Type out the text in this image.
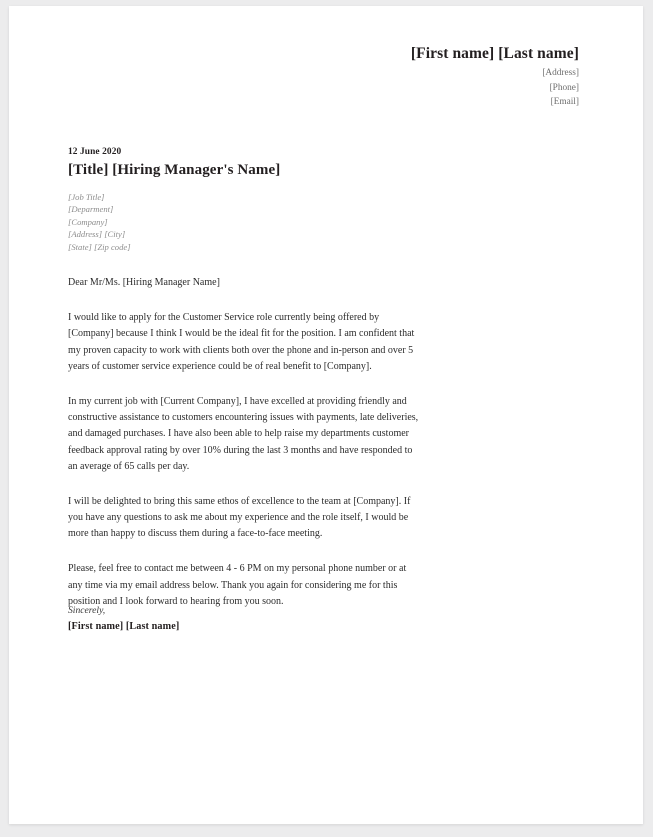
[First name] [Last name]
[Address]
[Phone]
[Email]
12 June 2020
[Title] [Hiring Manager's Name]
[Job Title]
[Deparment]
[Company]
[Address] [City]
[State] [Zip code]

Dear Mr/Ms. [Hiring Manager Name]

I would like to apply for the Customer Service role currently being offered by [Company] because I think I would be the ideal fit for the position. I am confident that my proven capacity to work with clients both over the phone and in-person and over 5 years of customer service experience could be of real benefit to [Company].

In my current job with [Current Company], I have excelled at providing friendly and constructive assistance to customers encountering issues with payments, late deliveries, and damaged purchases. I have also been able to help raise my departments customer feedback approval rating by over 10% during the last 3 months and have responded to an average of 65 calls per day.

I will be delighted to bring this same ethos of excellence to the team at [Company]. If you have any questions to ask me about my experience and the role itself, I would be more than happy to discuss them during a face-to-face meeting.

Please, feel free to contact me between 4 - 6 PM on my personal phone number or at any time via my email address below. Thank you again for considering me for this position and I look forward to hearing from you soon.

Sincerely,
[First name] [Last name]
